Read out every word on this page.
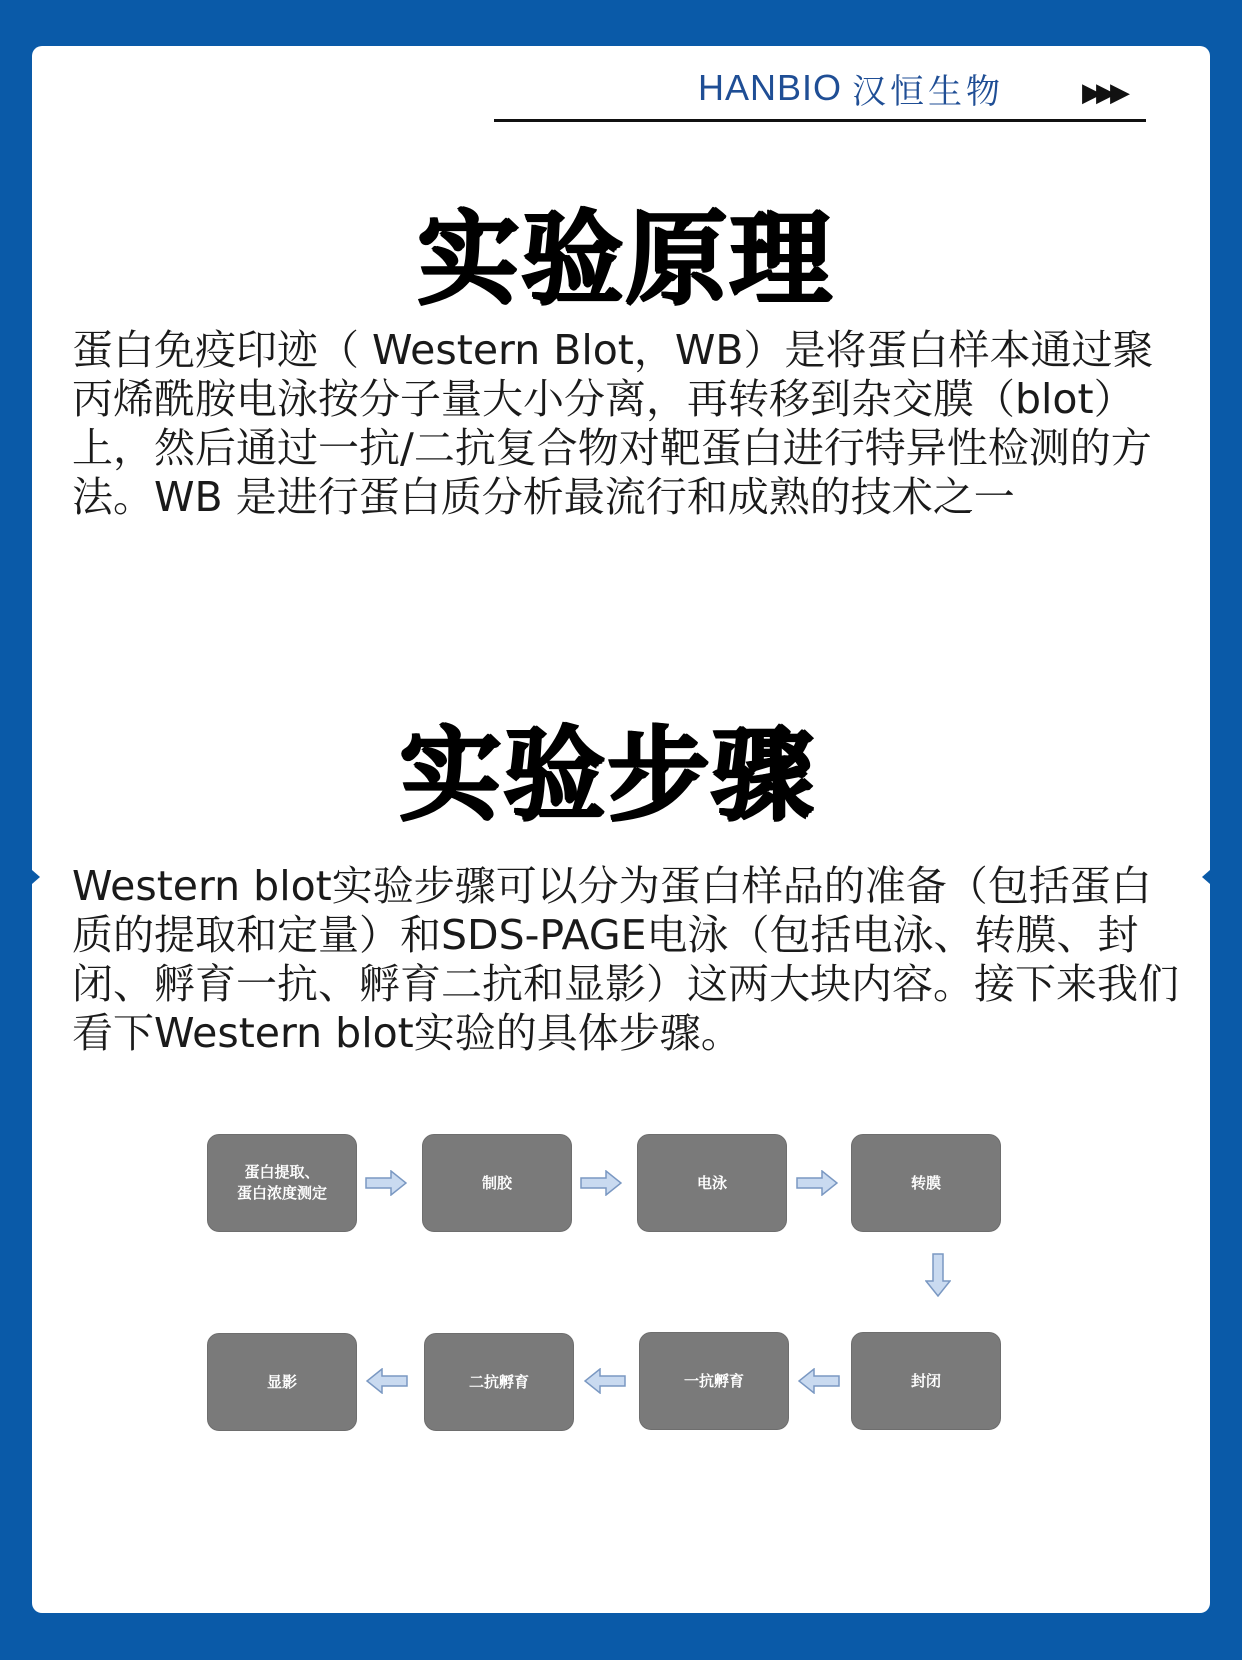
HANBIO 汉恒生物	▶▶▶
实验原理

蛋白免疫印迹（ Western Blot，WB）是将蛋白样本通过聚丙烯酰胺电泳按分子量大小分离，再转移到杂交膜（blot）上，然后通过一抗/二抗复合物对靶蛋白进行特异性检测的方法。WB 是进行蛋白质分析最流行和成熟的技术之一

实验步骤

Western blot实验步骤可以分为蛋白样品的准备（包括蛋白质的提取和定量）和SDS-PAGE电泳（包括电泳、转膜、封闭、孵育一抗、孵育二抗和显影）这两大块内容。接下来我们看下Western blot实验的具体步骤。

蛋白提取、
蛋白浓度测定
制胶	电泳	转膜
封闭
一抗孵育
二抗孵育
显影
